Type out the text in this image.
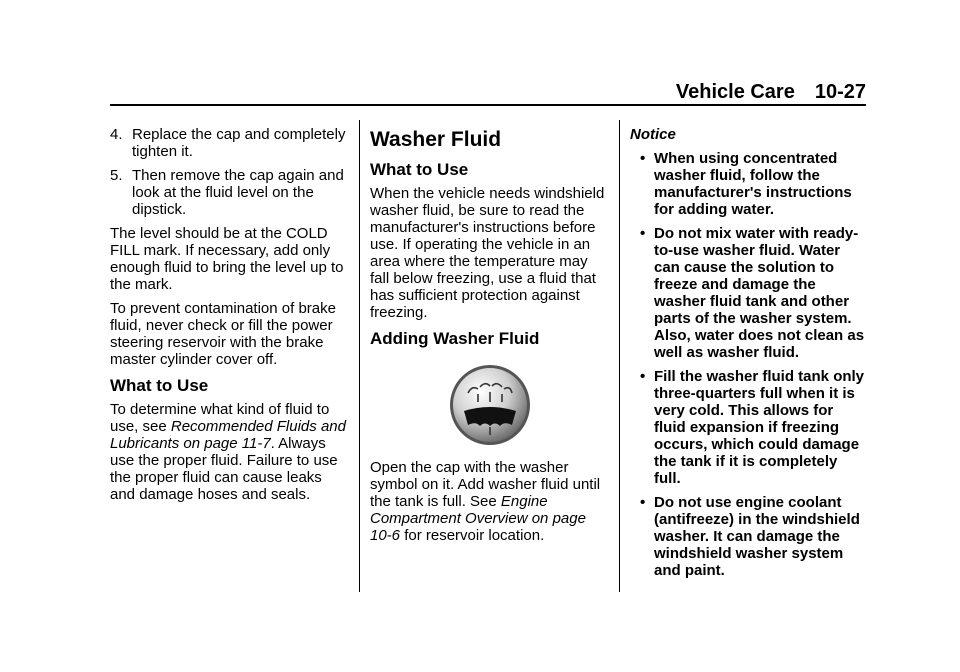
Vehicle Care 10-27
4. Replace the cap and completely tighten it.
5. Then remove the cap again and look at the fluid level on the dipstick.

The level should be at the COLD FILL mark. If necessary, add only enough fluid to bring the level up to the mark.

To prevent contamination of brake fluid, never check or fill the power steering reservoir with the brake master cylinder cover off.

What to Use

To determine what kind of fluid to use, see Recommended Fluids and Lubricants on page 11-7. Always use the proper fluid. Failure to use the proper fluid can cause leaks and damage hoses and seals.

Washer Fluid
What to Use

When the vehicle needs windshield washer fluid, be sure to read the manufacturer's instructions before use. If operating the vehicle in an area where the temperature may fall below freezing, use a fluid that has sufficient protection against freezing.

Adding Washer Fluid

Open the cap with the washer symbol on it. Add washer fluid until the tank is full. See Engine Compartment Overview on page 10-6 for reservoir location.

Notice
• When using concentrated washer fluid, follow the manufacturer's instructions for adding water.
• Do not mix water with ready-to-use washer fluid. Water can cause the solution to freeze and damage the washer fluid tank and other parts of the washer system. Also, water does not clean as well as washer fluid.
• Fill the washer fluid tank only three-quarters full when it is very cold. This allows for fluid expansion if freezing occurs, which could damage the tank if it is completely full.
• Do not use engine coolant (antifreeze) in the windshield washer. It can damage the windshield washer system and paint.
